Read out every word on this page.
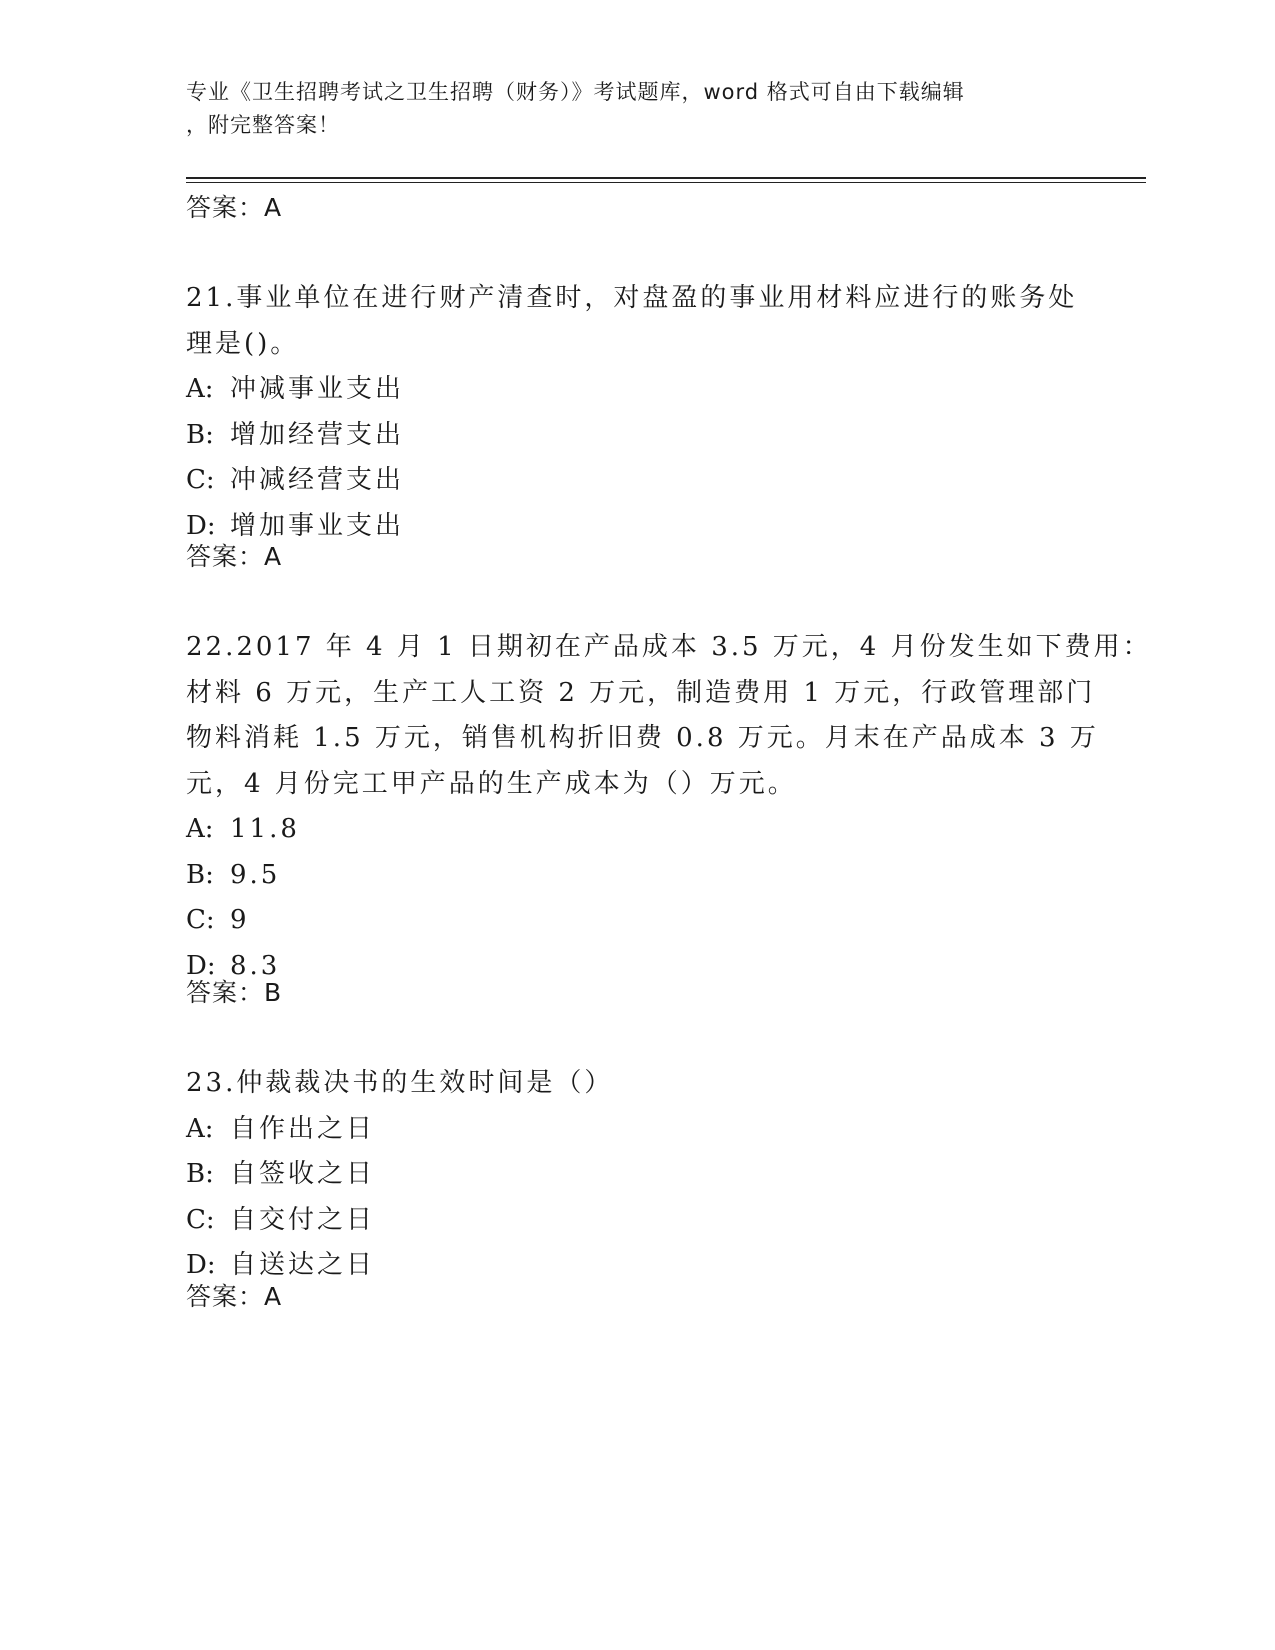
专业《卫生招聘考试之卫生招聘（财务）》考试题库，word 格式可自由下载编辑
，附完整答案！
答案：A
21.事业单位在进行财产清查时，对盘盈的事业用材料应进行的账务处
理是()。
A: 冲减事业支出
B: 增加经营支出
C: 冲减经营支出
D: 增加事业支出
答案：A
22.2017 年 4 月 1 日期初在产品成本 3.5 万元，4 月份发生如下费用：
材料 6 万元，生产工人工资 2 万元，制造费用 1 万元，行政管理部门
物料消耗 1.5 万元，销售机构折旧费 0.8 万元。月末在产品成本 3 万
元，4 月份完工甲产品的生产成本为（）万元。
A: 11.8
B: 9.5
C: 9
D: 8.3
答案：B
23.仲裁裁决书的生效时间是（）
A: 自作出之日
B: 自签收之日
C: 自交付之日
D: 自送达之日
答案：A
